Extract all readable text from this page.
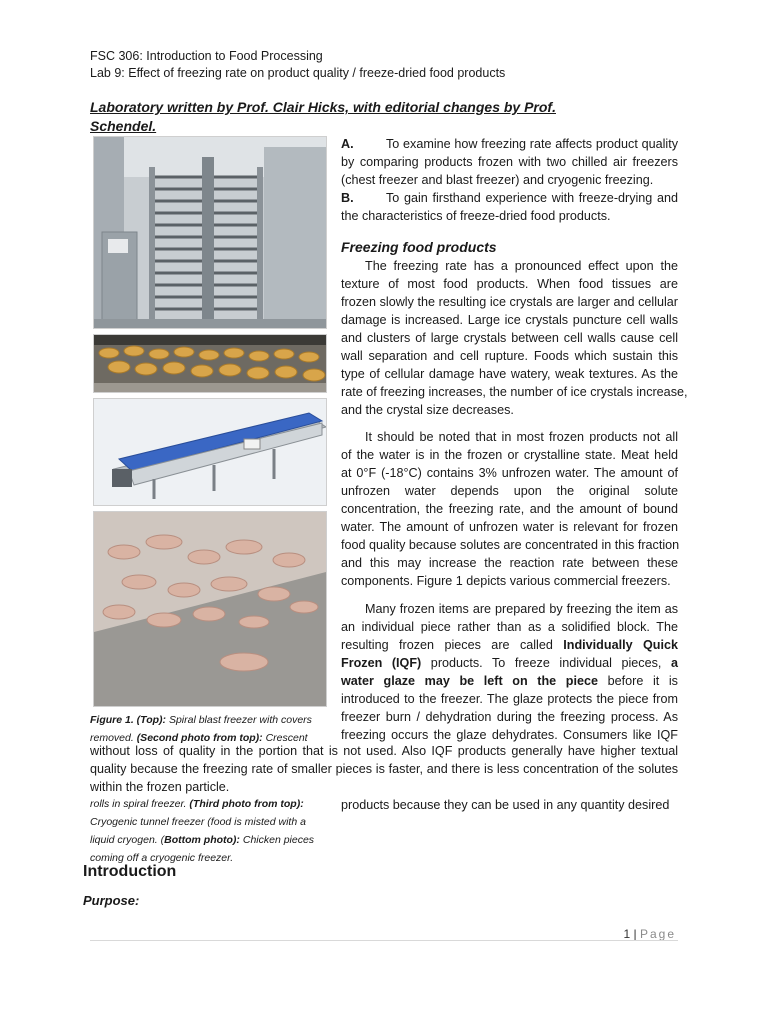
FSC 306: Introduction to Food Processing
Lab 9: Effect of freezing rate on product quality / freeze-dried food products
Laboratory written by Prof. Clair Hicks, with editorial changes by Prof. Schendel.
A.	To examine how freezing rate affects product quality
by comparing products frozen with two chilled air freezers
(chest freezer and blast freezer) and cryogenic freezing.
B.	To gain firsthand experience with freeze-drying and
the characteristics of freeze-dried food products.
Freezing food products
The freezing rate has a pronounced effect upon the
texture of most food products. When food tissues are
frozen slowly the resulting ice crystals are larger and cellular
damage is increased. Large ice crystals puncture cell walls
and clusters of large crystals between cell walls cause cell
wall separation and cell rupture. Foods which sustain this
type of cellular damage have watery, weak textures. As the
rate of freezing increases, the number of ice crystals increase,
and the crystal size decreases.
It should be noted that in most frozen products not all
of the water is in the frozen or crystalline state. Meat held
at 0°F (-18°C) contains 3% unfrozen water. The amount of
unfrozen water depends upon the original solute
concentration, the freezing rate, and the amount of bound
water. The amount of unfrozen water is relevant for frozen
food quality because solutes are concentrated in this fraction
and this may increase the reaction rate between these
components. Figure 1 depicts various commercial freezers.
Many frozen items are prepared by freezing the item as
an individual piece rather than as a solidified block. The
resulting frozen pieces are called Individually Quick
Frozen (IQF) products. To freeze individual pieces, a
water glaze may be left on the piece before it is
introduced to the freezer. The glaze protects the piece from
freezer burn / dehydration during the freezing process. As
freezing occurs the glaze dehydrates. Consumers like IQF
Figure 1. (Top): Spiral blast freezer with covers
removed. (Second photo from top): Crescent
without loss of quality in the portion that is not used. Also IQF products generally have higher textual
quality because the freezing rate of smaller pieces is faster, and there is less concentration of the solutes
within the frozen particle.
rolls in spiral freezer. (Third photo from top):
Cryogenic tunnel freezer (food is misted with a
liquid cryogen. (Bottom photo): Chicken pieces
coming off a cryogenic freezer.
products because they can be used in any quantity desired
Introduction
Purpose:
1 | Page
